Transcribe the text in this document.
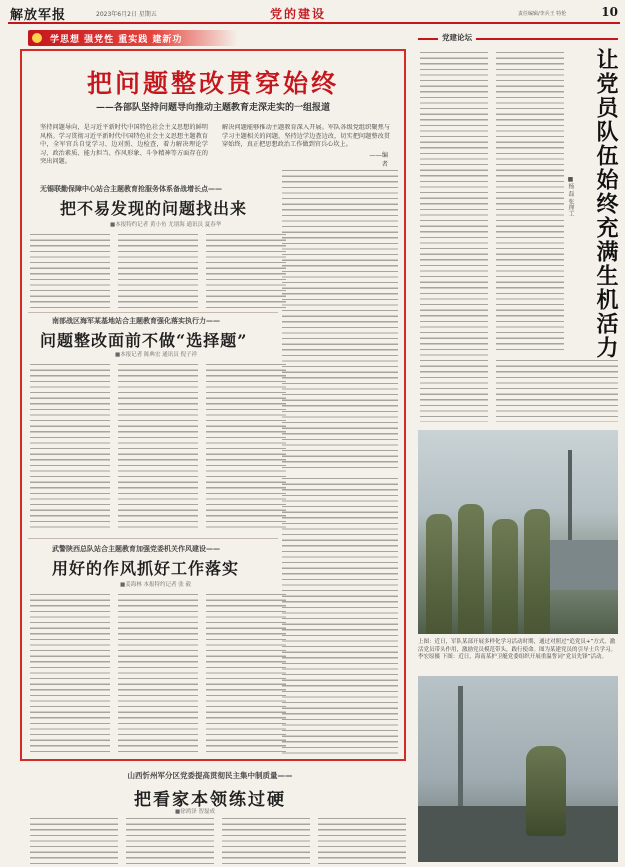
解放军报	2023年6月2日 星期五	党的建设	责任编辑/李兵王 特伦	10
学思想 强党性 重实践 建新功
把问题整改贯穿始终
——各部队坚持问题导向推动主题教育走深走实的一组报道
坚持问题导向，是习近平新时代中国特色社会主义思想的鲜明风格。学习贯彻习近平新时代中国特色社会主义思想主题教育中，全军官兵自觉学习、边对照、边检查，着力解决理论学习、政治素质、能力担当、作风形象、斗争精神等方面存在的突出问题。
解决问题能够推动主题教育深入开展。军队各级党组织聚焦与学习主题相关的问题，坚持边学边查边改，切实把问题整改贯穿始终，真正把思想政治工作做到官兵心坎上。
——编者
无锡联勤保障中心站合主题教育抢服务体系备战增长点——
把不易发现的问题找出来
■本报特约记者 黄小鱼 尤朋海 通讯员 夏春华
南部战区海军某基地站合主题教育强化落实执行力——
问题整改面前不做“选择题”
■本报记者 陈典宏 通讯员 倪子祥
武警陕西总队站合主题教育加强党委机关作风建设——
用好的作风抓好工作落实
■姜海林 本报特约记者 张 毅
党建论坛
让党员队伍始终充满生机活力
■杨 磊 张理工
上图：近日，军队某部开展多样化学习活动时期，通过对照过“追党员+”方式，激活党员带头作用，激励党员模范带头，践行使命。图为某建党员的引导士兵学习。 李宏原摄 下图：近日，海南某护卫艇党委组织开展重温誓词“党员先锋”活动。
山西忻州军分区党委提高贯彻民主集中制质量——
把看家本领练过硬
■徐鸿泽 智磊成
